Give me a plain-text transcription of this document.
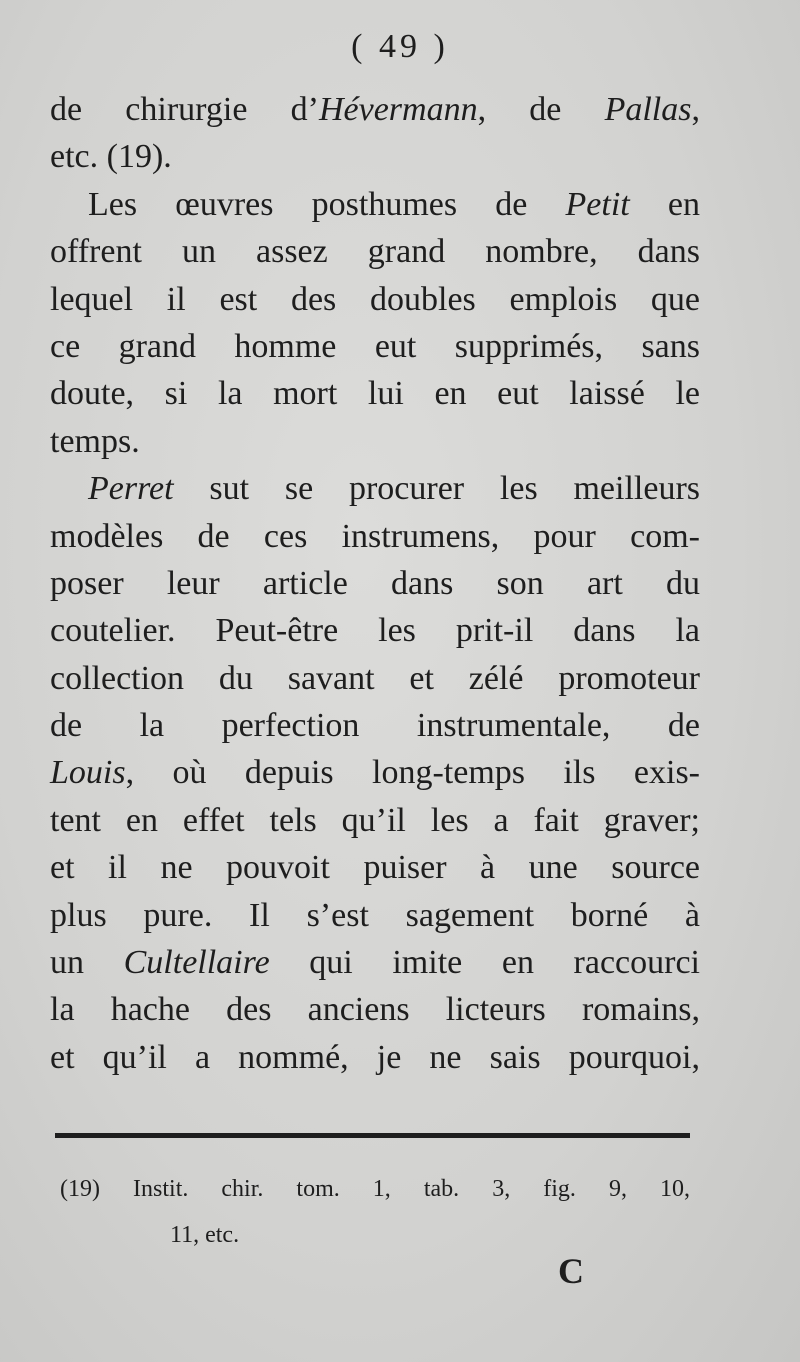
( 49 )
de chirurgie d’Hévermann, de Pallas,
etc. (19).
Les œuvres posthumes de Petit en
offrent un assez grand nombre, dans
lequel il est des doubles emplois que
ce grand homme eut supprimés, sans
doute, si la mort lui en eut laissé le
temps.
Perret sut se procurer les meilleurs
modèles de ces instrumens, pour com-
poser leur article dans son art du
coutelier. Peut-être les prit-il dans la
collection du savant et zélé promoteur
de la perfection instrumentale, de
Louis, où depuis long-temps ils exis-
tent en effet tels qu’il les a fait graver;
et il ne pouvoit puiser à une source
plus pure. Il s’est sagement borné à
un Cultellaire qui imite en raccourci
la hache des anciens licteurs romains,
et qu’il a nommé, je ne sais pourquoi,
(19) Instit. chir. tom. 1, tab. 3, fig. 9, 10,
11, etc.
C
